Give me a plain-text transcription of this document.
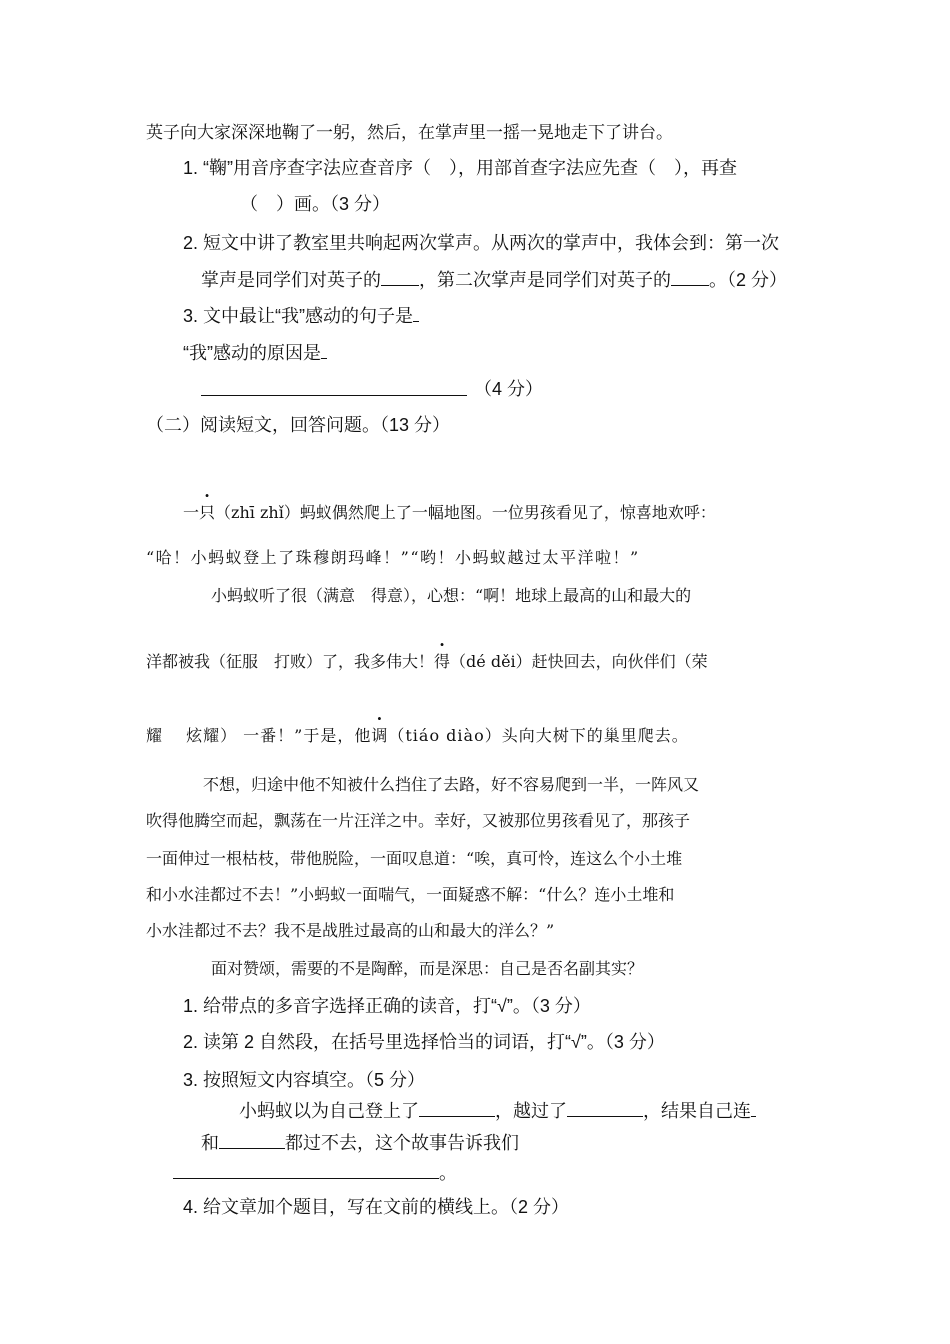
英子向大家深深地鞠了一躬，然后，在掌声里一摇一晃地走下了讲台。
1. “鞠”用音序查字法应查音序（　），用部首查字法应先查（　），再查
（　）画。（3 分）
2. 短文中讲了教室里共响起两次掌声。从两次的掌声中，我体会到：第一次
掌声是同学们对英子的 ，第二次掌声是同学们对英子的 。（2 分）
3. 文中最让“我”感动的句子是
“我”感动的原因是
（4 分）
（二）阅读短文，回答问题。（13 分）
一只（zhī zhǐ）蚂蚁偶然爬上了一幅地图。一位男孩看见了，惊喜地欢呼：
“哈！小蚂蚁登上了珠穆朗玛峰！”“哟！小蚂蚁越过太平洋啦！”
小蚂蚁听了很（满意　得意），心想：“啊！地球上最高的山和最大的
洋都被我（征服　打败）了，我多伟大！得（dé děi）赶快回去，向伙伴们（荣
耀　 炫耀） 一番！”于是，他调（tiáo diào）头向大树下的巢里爬去。
不想，归途中他不知被什么挡住了去路，好不容易爬到一半，一阵风又
吹得他腾空而起，飘荡在一片汪洋之中。幸好，又被那位男孩看见了，那孩子
一面伸过一根枯枝，带他脱险，一面叹息道：“唉，真可怜，连这么个小土堆
和小水洼都过不去！”小蚂蚁一面喘气，一面疑惑不解：“什么？连小土堆和
小水洼都过不去？我不是战胜过最高的山和最大的洋么？”
面对赞颂，需要的不是陶醉，而是深思：自己是否名副其实？
1. 给带点的多音字选择正确的读音，打“√”。（3 分）
2. 读第 2 自然段，在括号里选择恰当的词语，打“√”。（3 分）
3. 按照短文内容填空。（5 分）
小蚂蚁以为自己登上了	，越过了	，结果自己连
和	都过不去，这个故事告诉我们
。
4. 给文章加个题目，写在文前的横线上。（2 分）
